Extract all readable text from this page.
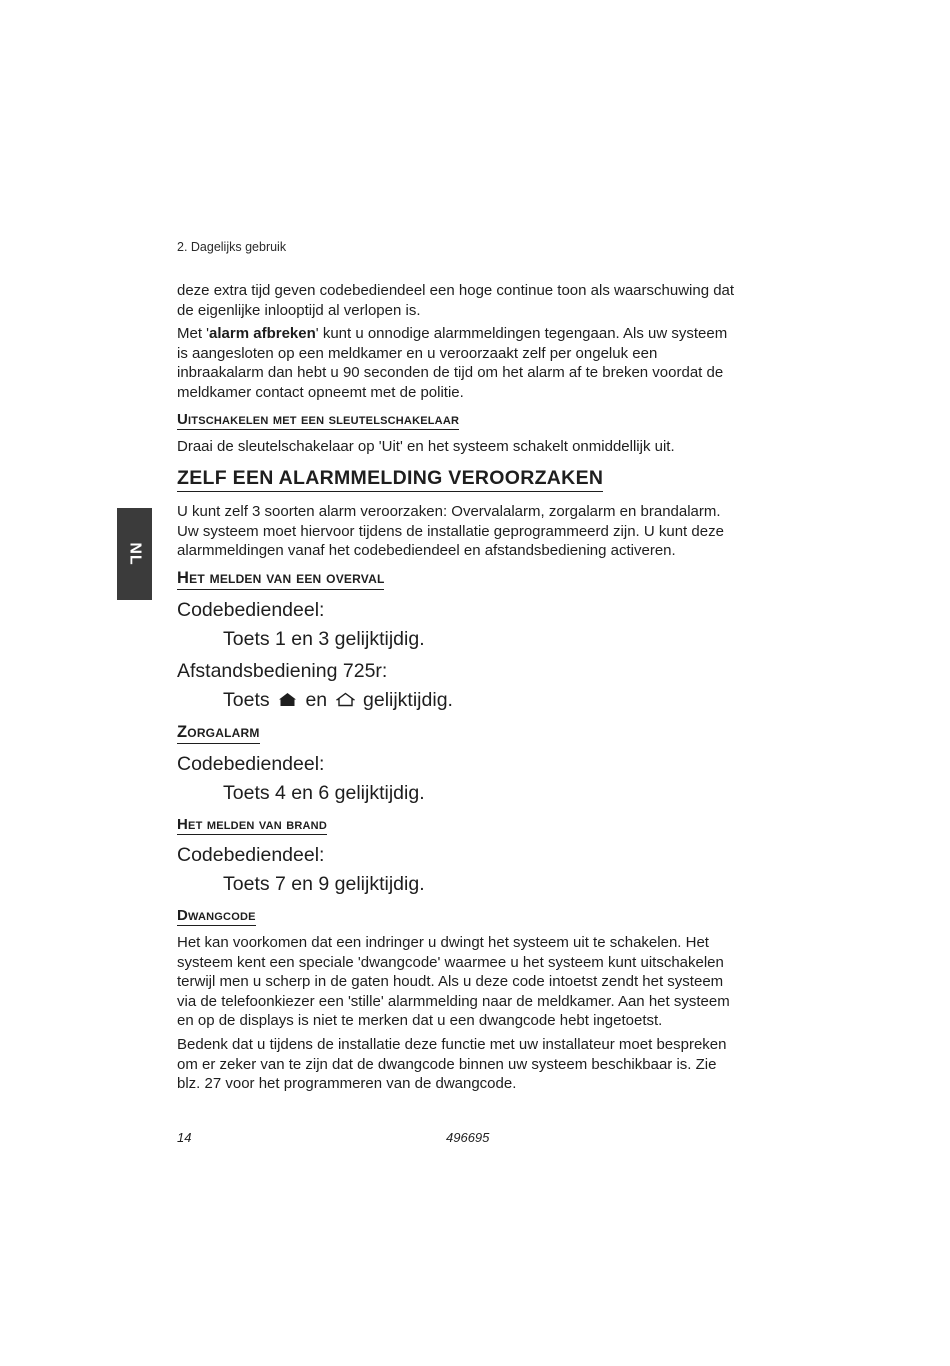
2. Dagelijks gebruik
NL

deze extra tijd geven codebediendeel een hoge continue toon als waarschuwing dat de eigenlijke inlooptijd al verlopen is.

Met 'alarm afbreken' kunt u onnodige alarmmeldingen tegengaan. Als uw systeem is aangesloten op een meldkamer en u veroorzaakt zelf per ongeluk een inbraakalarm dan hebt u 90 seconden de tijd om het alarm af te breken voordat de meldkamer contact opneemt met de politie.

Uitschakelen met een sleutelschakelaar

Draai de sleutelschakelaar op 'Uit' en het systeem schakelt onmiddellijk uit.

ZELF EEN ALARMMELDING VEROORZAKEN

U kunt zelf 3 soorten alarm veroorzaken: Overvalalarm, zorgalarm en brandalarm. Uw systeem moet hiervoor tijdens de installatie geprogrammeerd zijn. U kunt deze alarmmeldingen vanaf het codebediendeel en afstandsbediening activeren.

Het melden van een overval
Codebediendeel:
Toets 1 en 3 gelijktijdig.
Afstandsbediening 725r:
Toets en gelijktijdig.
Zorgalarm
Codebediendeel:
Toets 4 en 6 gelijktijdig.
Het melden van brand
Codebediendeel:
Toets 7 en 9 gelijktijdig.
Dwangcode

Het kan voorkomen dat een indringer u dwingt het systeem uit te schakelen. Het systeem kent een speciale 'dwangcode' waarmee u het systeem kunt uitschakelen terwijl men u scherp in de gaten houdt. Als u deze code intoetst zendt het systeem via de telefoonkiezer een 'stille' alarmmelding naar de meldkamer. Aan het systeem en op de displays is niet te merken dat u een dwangcode hebt ingetoetst.

Bedenk dat u tijdens de installatie deze functie met uw installateur moet bespreken om er zeker van te zijn dat de dwangcode binnen uw systeem beschikbaar is. Zie blz. 27 voor het programmeren van de dwangcode.

14	496695
